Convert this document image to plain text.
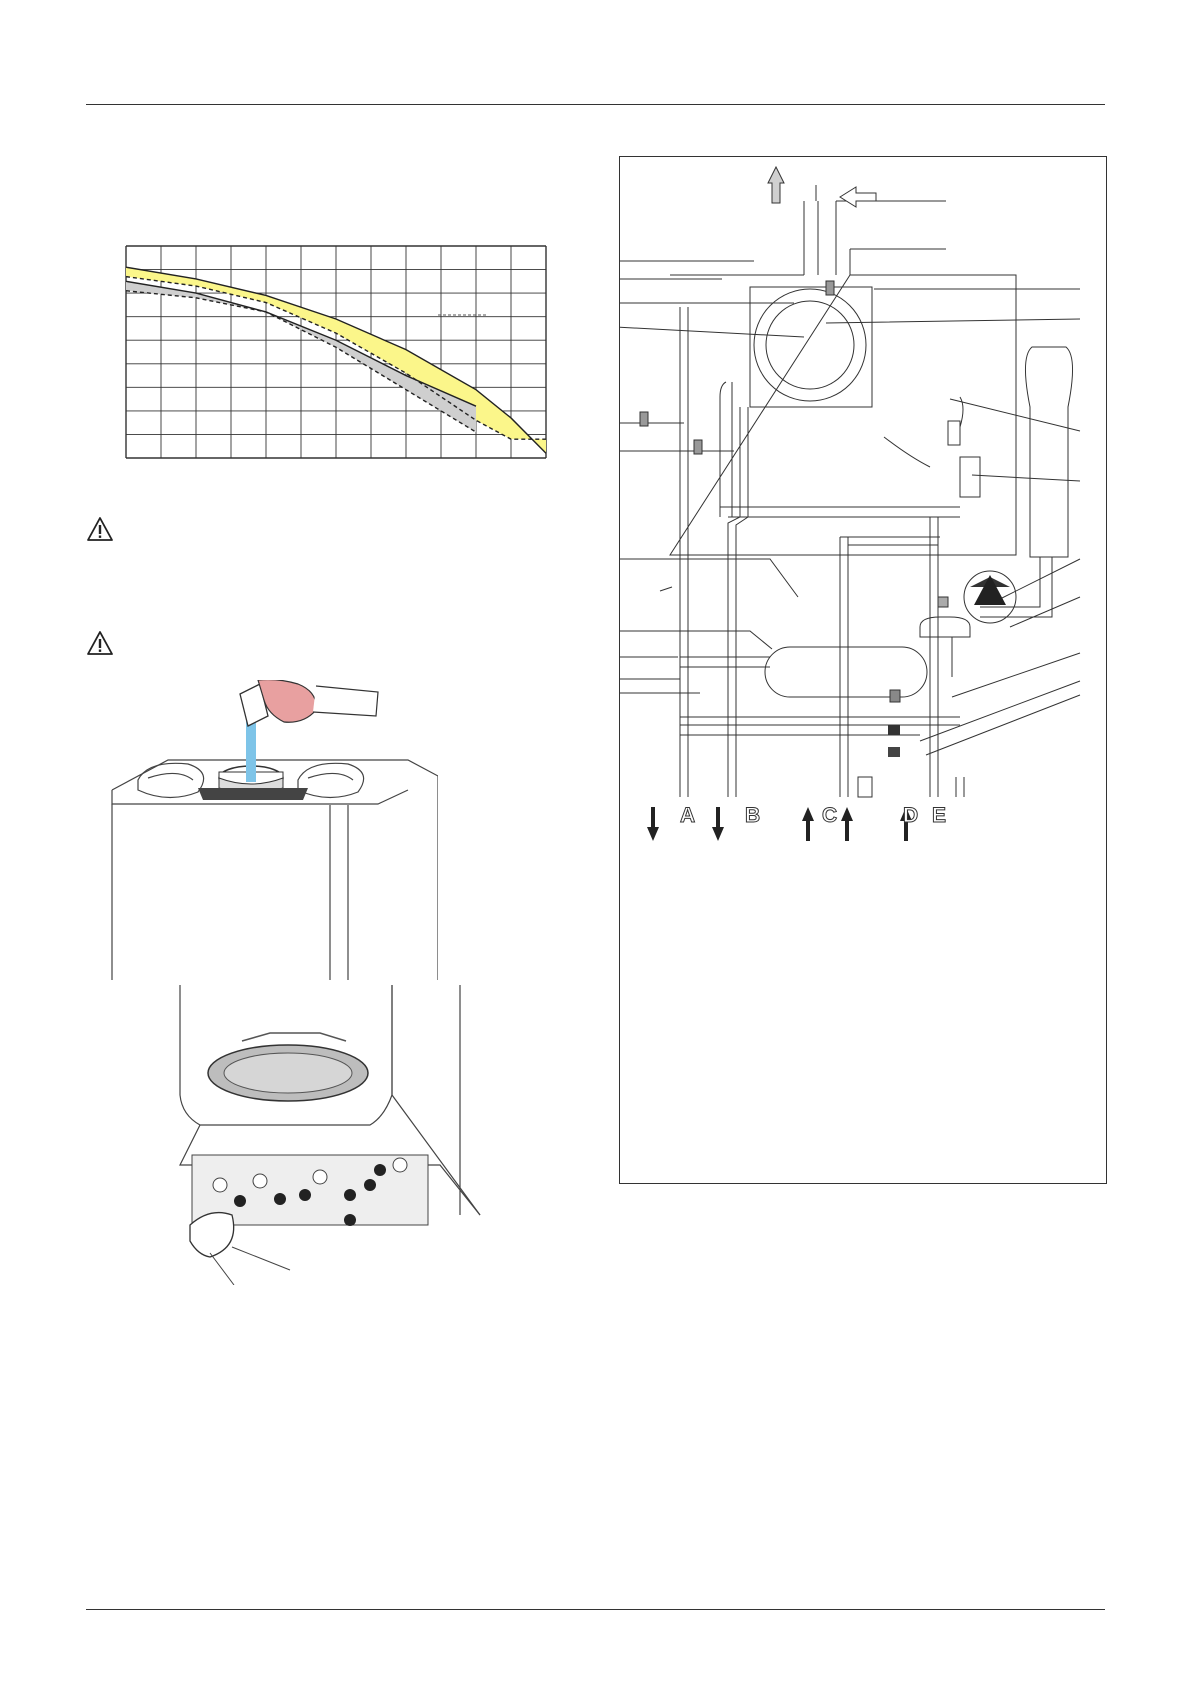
A B	C	D E
